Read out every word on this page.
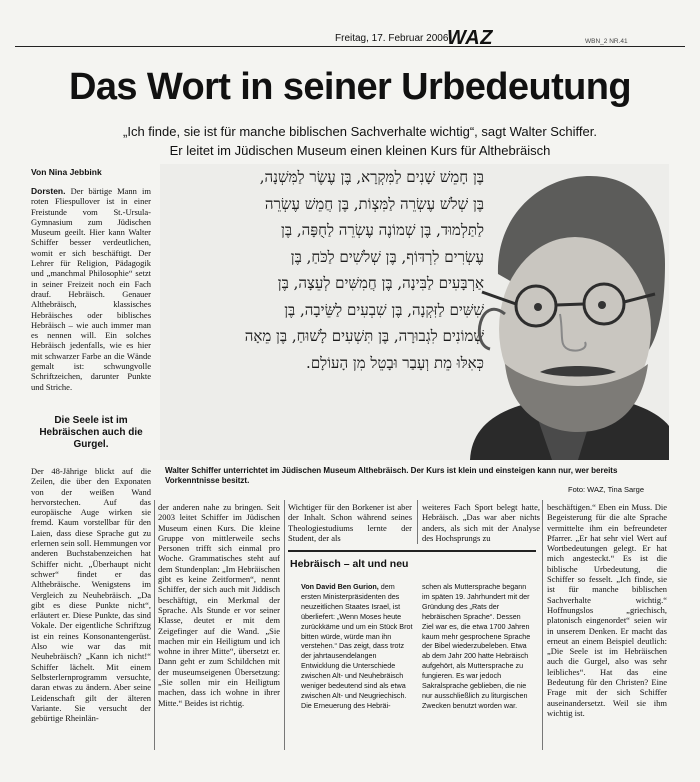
Freitag, 17. Februar 2006
WAZ	WBN_2 NR.41
Das Wort in seiner Urbedeutung
„Ich finde, sie ist für manche biblischen Sachverhalte wichtig“, sagt Walter Schiffer.
Er leitet im Jüdischen Museum einen kleinen Kurs für Althebräisch
Von Nina Jebbink
Dorsten. Der bärtige Mann im roten Fliespullover ist in einer Freistunde vom St.-Ursula-Gymnasium zum Jüdischen Museum geeilt. Hier kann Walter Schiffer besser verdeutlichen, womit er sich beschäftigt. Der Lehrer für Religion, Pädagogik und „manchmal Philosophie“ setzt in seiner Freizeit noch ein Fach drauf. Hebräisch. Genauer Althebräisch, klassisches Hebräisches oder biblisches Hebräisch – wie auch immer man es nennen will. Ein solches Hebräisch jedenfalls, wie es hier mit schwarzer Farbe an die Wände gemalt ist: schwungvolle Schriftzeichen, darunter Punkte und Striche.
Die Seele ist im Hebräischen auch die Gurgel.
בֶּן חָמֵשׁ שָׁנִים לַמִּקְרָא, בֶּן עֶשֶׂר לַמִּשְׁנָה,
בֶּן שְׁלֹשׁ עֶשְׂרֵה לַמִּצְוֹת, בֶּן חֲמֵשׁ עֶשְׂרֵה
לַתַּלְמוּד, בֶּן שְׁמוֹנֶה עֶשְׂרֵה לַחֻפָּה, בֶּן
עֶשְׂרִים לִרְדּוֹף, בֶּן שְׁלֹשִׁים לַכֹּחַ, בֶּן
אַרְבָּעִים לַבִּינָה, בֶּן חֲמִשִּׁים לְעֵצָה, בֶּן
שִׁשִּׁים לַזִּקְנָה, בֶּן שִׁבְעִים לַשֵּׂיבָה, בֶּן
שְׁמוֹנִים לִגְבוּרָה, בֶּן תִּשְׁעִים לָשׁוּחַ, בֶּן מֵאָה
כְּאִלּוּ מֵת וְעָבַר וּבָטֵל מִן הָעוֹלָם.
Walter Schiffer unterrichtet im Jüdischen Museum Althebräisch. Der Kurs ist klein und einsteigen kann nur, wer bereits Vorkenntnisse besitzt.
Foto: WAZ, Tina Sarge
Der 48-Jährige blickt auf die Zeilen, die über den Exponaten von der weißen Wand hervorstechen. Auf das europäische Auge wirken sie fremd. Kaum vorstellbar für den Laien, dass diese Sprache gut zu erlernen sein soll. Hemmungen vor anderen Buchstabenzeichen hat Schiffer nicht. „Überhaupt nicht schwer“ findet er das Althebräische. Wenigstens im Vergleich zu Neuhebräisch. „Da gibt es diese Punkte nicht“, erläutert er. Diese Punkte, das sind Vokale. Der eigentliche Schriftzug ist ein reines Konsonantengerüst. Also wie war das mit Neuhebräisch? „Kann ich nicht!“ Schiffer lächelt. Mit einem Selbsterlernprogramm versuchte, daran etwas zu ändern. Aber seine Leidenschaft gilt der älteren Variante. Sie versucht der gebürtige Rheinlän-
der anderen nahe zu bringen. Seit 2003 leitet Schiffer im Jüdischen Museum einen Kurs. Die kleine Gruppe von mittlerweile sechs Personen trifft sich einmal pro Woche. Grammatisches steht auf dem Stundenplan: „Im Hebräischen gibt es keine Zeitformen“, nennt Schiffer, der sich auch mit Jiddisch beschäftigt, ein Merkmal der Sprache. Als Stunde er vor seiner Klasse, deutet er mit dem Zeigefinger auf die Wand. „Sie machen mir ein Heiligtum und ich wohne in ihrer Mitte“, übersetzt er. Dann geht er zum Schildchen mit der museumseigenen Übersetzung: „Sie sollen mir ein Heiligtum machen, dass ich wohne in ihrer Mitte.“ Beides ist richtig.
Wichtiger für den Borkener ist aber der Inhalt. Schon während seines Theologiestudiums lernte der Student, der als
weiteres Fach Sport belegt hatte, Hebräisch. „Das war aber nichts anders, als sich mit der Analyse des Hochsprungs zu
beschäftigen.“ Eben ein Muss. Die Begeisterung für die alte Sprache vermittelte ihm ein befreundeter Pfarrer. „Er hat sehr viel Wert auf Wortbedeutungen gelegt. Er hat mich angesteckt.“ Es ist die biblische Urbedeutung, die Schiffer so fesselt. „Ich finde, sie ist für manche biblischen Sachverhalte wichtig.“ Hoffnungslos „griechisch, platonisch eingenordet“ seien wir in unserem Denken. Er macht das erneut an einem Beispiel deutlich: „Die Seele ist im Hebräischen auch die Gurgel, also was sehr leibliches“. Hat das eine Bedeutung für den Christen? Eine Frage mit der sich Schiffer auseinandersetzt. Weil sie ihm wichtig ist.
Hebräisch – alt und neu
Von David Ben Gurion, dem ersten Ministerpräsidenten des neuzeitlichen Staates Israel, ist überliefert: „Wenn Moses heute zurückkäme und um ein Stück Brot bitten würde, würde man ihn verstehen.“ Das zeigt, dass trotz der jahrtausendelangen Entwicklung die Unterschiede zwischen Alt- und Neuhebräisch weniger bedeutend sind als etwa zwischen Alt- und Neugriechisch. Die Erneuerung des Hebräi-
schen als Muttersprache begann im späten 19. Jahrhundert mit der Gründung des „Rats der hebräischen Sprache“. Dessen Ziel war es, die etwa 1700 Jahren kaum mehr gesprochene Sprache der Bibel wiederzubeleben. Etwa ab dem Jahr 200 hatte Hebräisch aufgehört, als Muttersprache zu fungieren. Es war jedoch Sakralsprache geblieben, die nie nur ausschließlich zu liturgischen Zwecken benutzt worden war.
